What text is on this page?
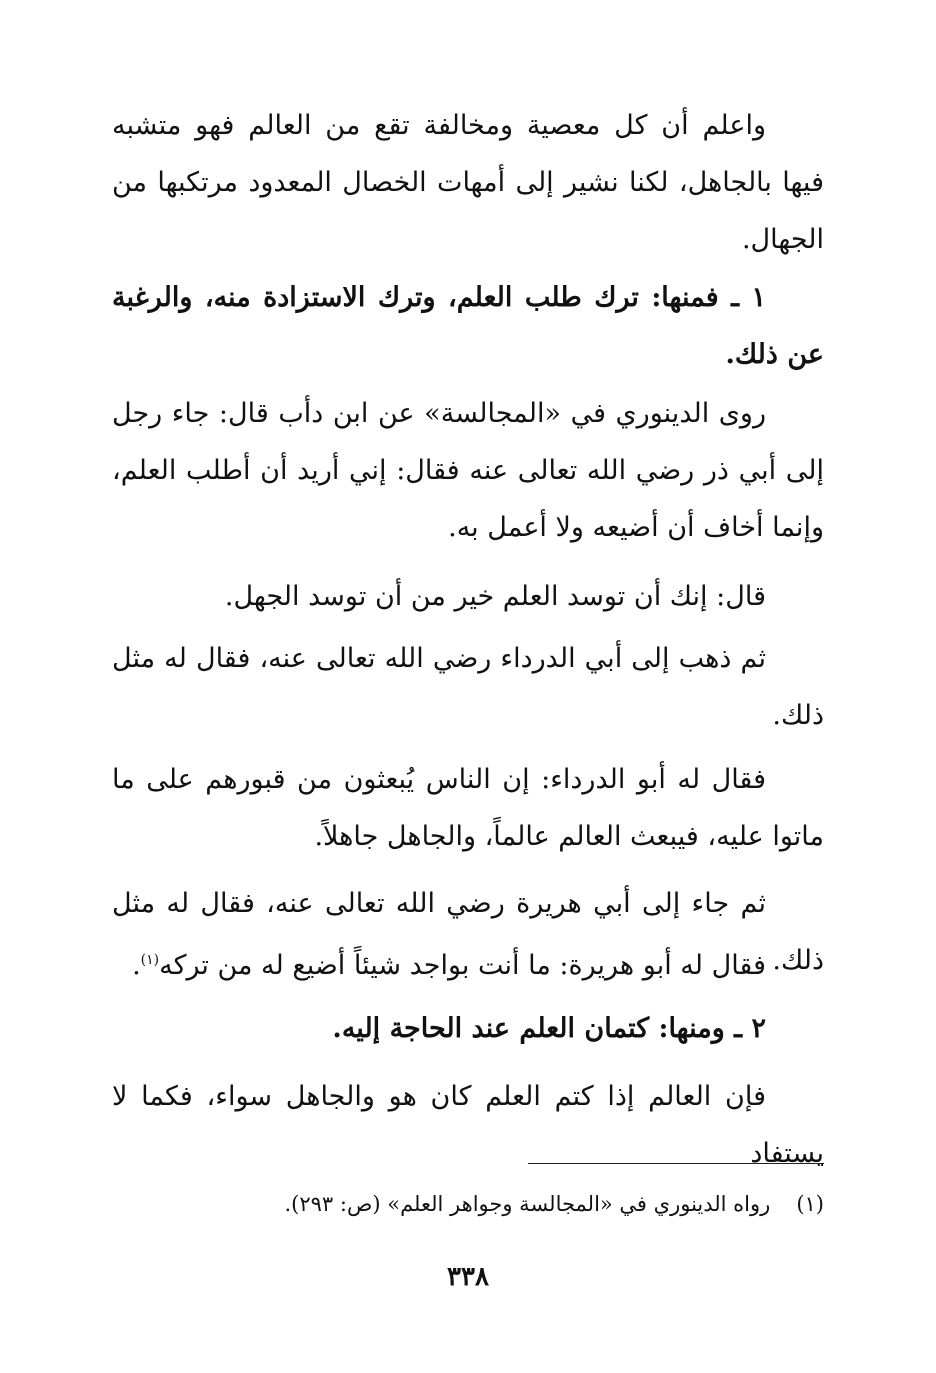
واعلم أن كل معصية ومخالفة تقع من العالم فهو متشبه فيها بالجاهل، لكنا نشير إلى أمهات الخصال المعدود مرتكبها من الجهال.

١ ـ فمنها: ترك طلب العلم، وترك الاستزادة منه، والرغبة عن ذلك.

روى الدينوري في «المجالسة» عن ابن دأب قال: جاء رجل إلى أبي ذر رضي الله تعالى عنه فقال: إني أريد أن أطلب العلم، وإنما أخاف أن أضيعه ولا أعمل به.

قال: إنك أن توسد العلم خير من أن توسد الجهل.

ثم ذهب إلى أبي الدرداء رضي الله تعالى عنه، فقال له مثل ذلك.

فقال له أبو الدرداء: إن الناس يُبعثون من قبورهم على ما ماتوا عليه، فيبعث العالم عالماً، والجاهل جاهلاً.

ثم جاء إلى أبي هريرة رضي الله تعالى عنه، فقال له مثل ذلك.

فقال له أبو هريرة: ما أنت بواجد شيئاً أضيع له من تركه$^{(١)}$.

٢ ـ ومنها: كتمان العلم عند الحاجة إليه.

فإن العالم إذا كتم العلم كان هو والجاهل سواء، فكما لا يستفاد

(١)رواه الدينوري في «المجالسة وجواهر العلم» (ص: ٢٩٣).

٣٣٨
